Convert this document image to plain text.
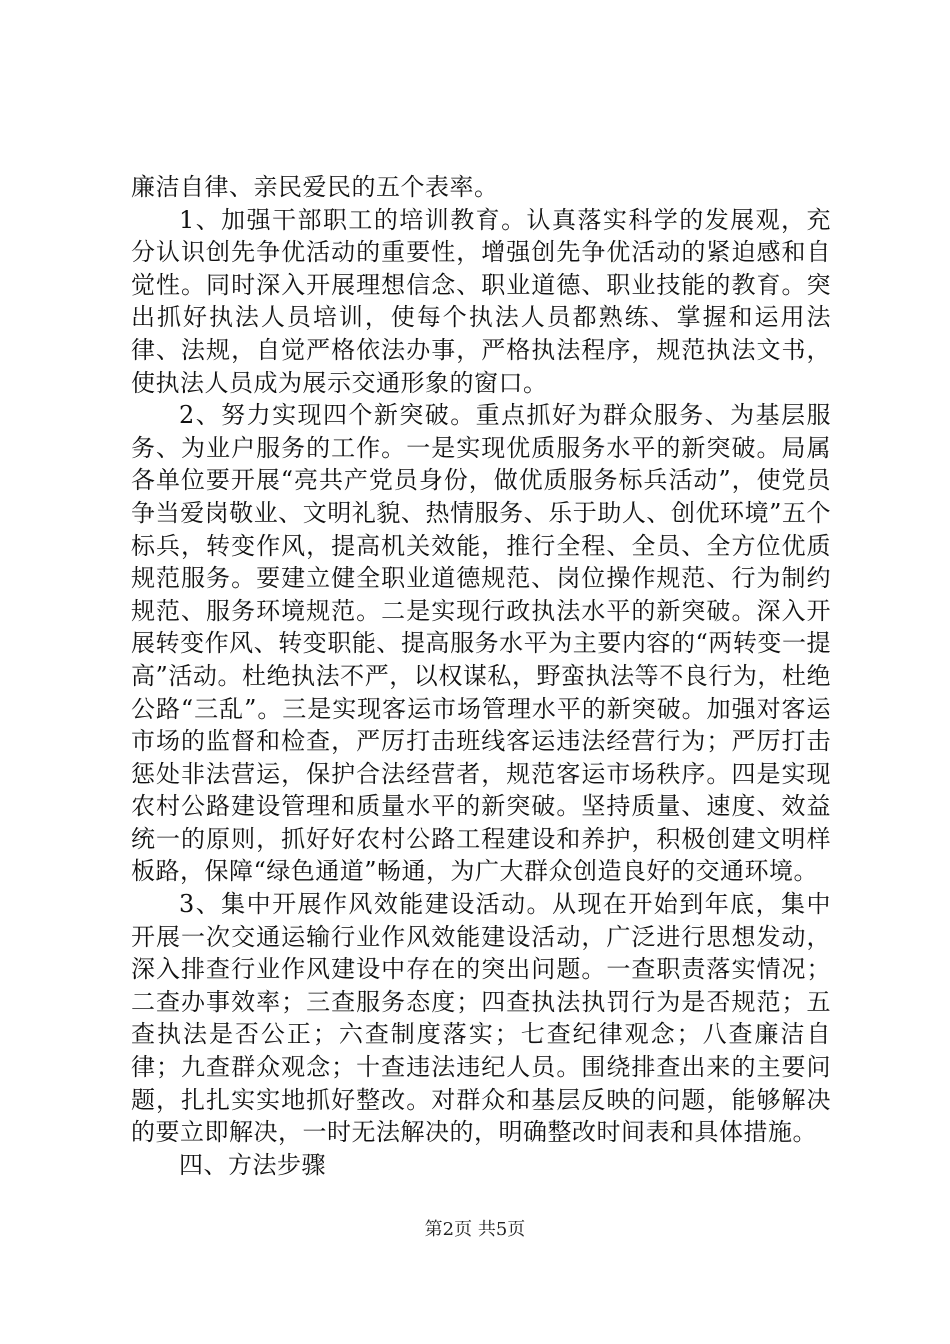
廉洁自律、亲民爱民的五个表率。

1、加强干部职工的培训教育。认真落实科学的发展观，充分认识创先争优活动的重要性，增强创先争优活动的紧迫感和自觉性。同时深入开展理想信念、职业道德、职业技能的教育。突出抓好执法人员培训，使每个执法人员都熟练、掌握和运用法律、法规，自觉严格依法办事，严格执法程序，规范执法文书，使执法人员成为展示交通形象的窗口。

2、努力实现四个新突破。重点抓好为群众服务、为基层服务、为业户服务的工作。一是实现优质服务水平的新突破。局属各单位要开展“亮共产党员身份，做优质服务标兵活动”，使党员争当爱岗敬业、文明礼貌、热情服务、乐于助人、创优环境”五个标兵，转变作风，提高机关效能，推行全程、全员、全方位优质规范服务。要建立健全职业道德规范、岗位操作规范、行为制约规范、服务环境规范。二是实现行政执法水平的新突破。深入开展转变作风、转变职能、提高服务水平为主要内容的“两转变一提高”活动。杜绝执法不严，以权谋私，野蛮执法等不良行为，杜绝公路“三乱”。三是实现客运市场管理水平的新突破。加强对客运市场的监督和检查，严厉打击班线客运违法经营行为；严厉打击惩处非法营运，保护合法经营者，规范客运市场秩序。四是实现农村公路建设管理和质量水平的新突破。坚持质量、速度、效益统一的原则，抓好好农村公路工程建设和养护，积极创建文明样板路，保障“绿色通道”畅通，为广大群众创造良好的交通环境。

3、集中开展作风效能建设活动。从现在开始到年底，集中开展一次交通运输行业作风效能建设活动，广泛进行思想发动，深入排查行业作风建设中存在的突出问题。一查职责落实情况；二查办事效率；三查服务态度；四查执法执罚行为是否规范；五查执法是否公正；六查制度落实；七查纪律观念；八查廉洁自律；九查群众观念；十查违法违纪人员。围绕排查出来的主要问题，扎扎实实地抓好整改。对群众和基层反映的问题，能够解决的要立即解决，一时无法解决的，明确整改时间表和具体措施。

四、方法步骤

第2页 共5页
